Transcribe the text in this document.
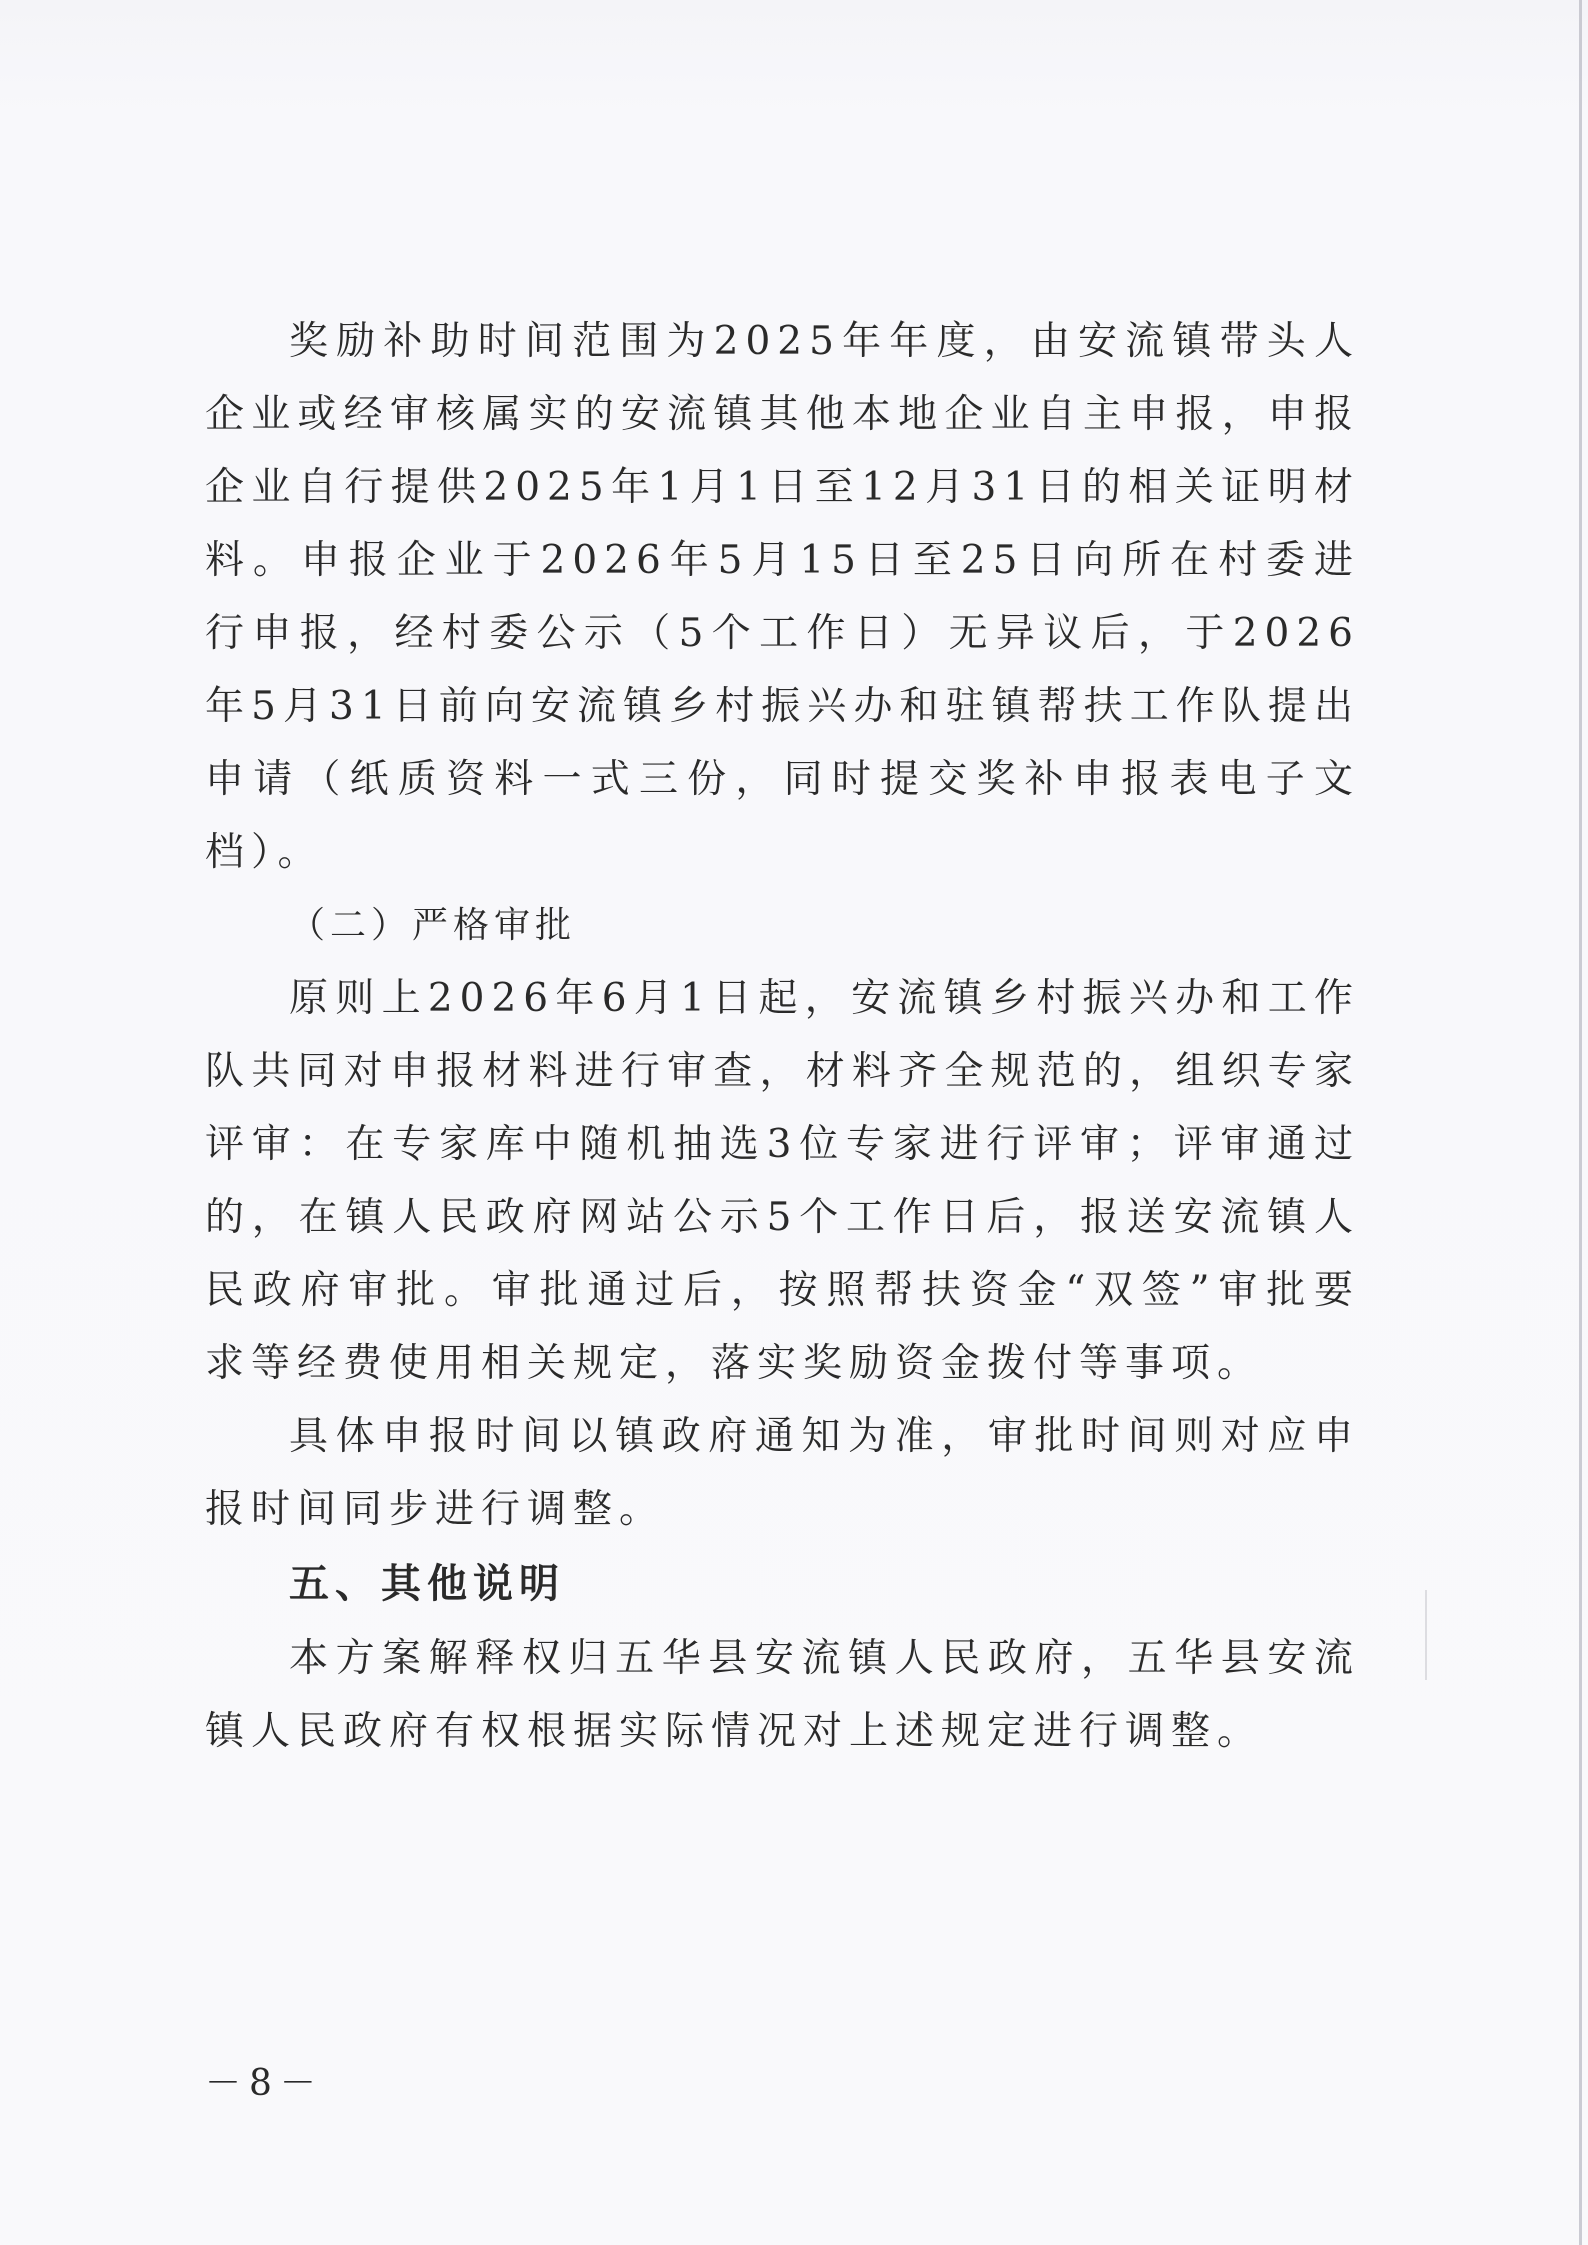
奖励补助时间范围为2025年年度，由安流镇带头人企业或经审核属实的安流镇其他本地企业自主申报，申报企业自行提供2025年1月1日至12月31日的相关证明材料。申报企业于2026年5月15日至25日向所在村委进行申报，经村委公示（5个工作日）无异议后，于2026年5月31日前向安流镇乡村振兴办和驻镇帮扶工作队提出申请（纸质资料一式三份，同时提交奖补申报表电子文档）。

（二）严格审批

原则上2026年6月1日起，安流镇乡村振兴办和工作队共同对申报材料进行审查，材料齐全规范的，组织专家评审：在专家库中随机抽选3位专家进行评审；评审通过的，在镇人民政府网站公示5个工作日后，报送安流镇人民政府审批。审批通过后，按照帮扶资金“双签”审批要求等经费使用相关规定，落实奖励资金拨付等事项。

具体申报时间以镇政府通知为准，审批时间则对应申报时间同步进行调整。

五、其他说明

本方案解释权归五华县安流镇人民政府，五华县安流镇人民政府有权根据实际情况对上述规定进行调整。

－8－
